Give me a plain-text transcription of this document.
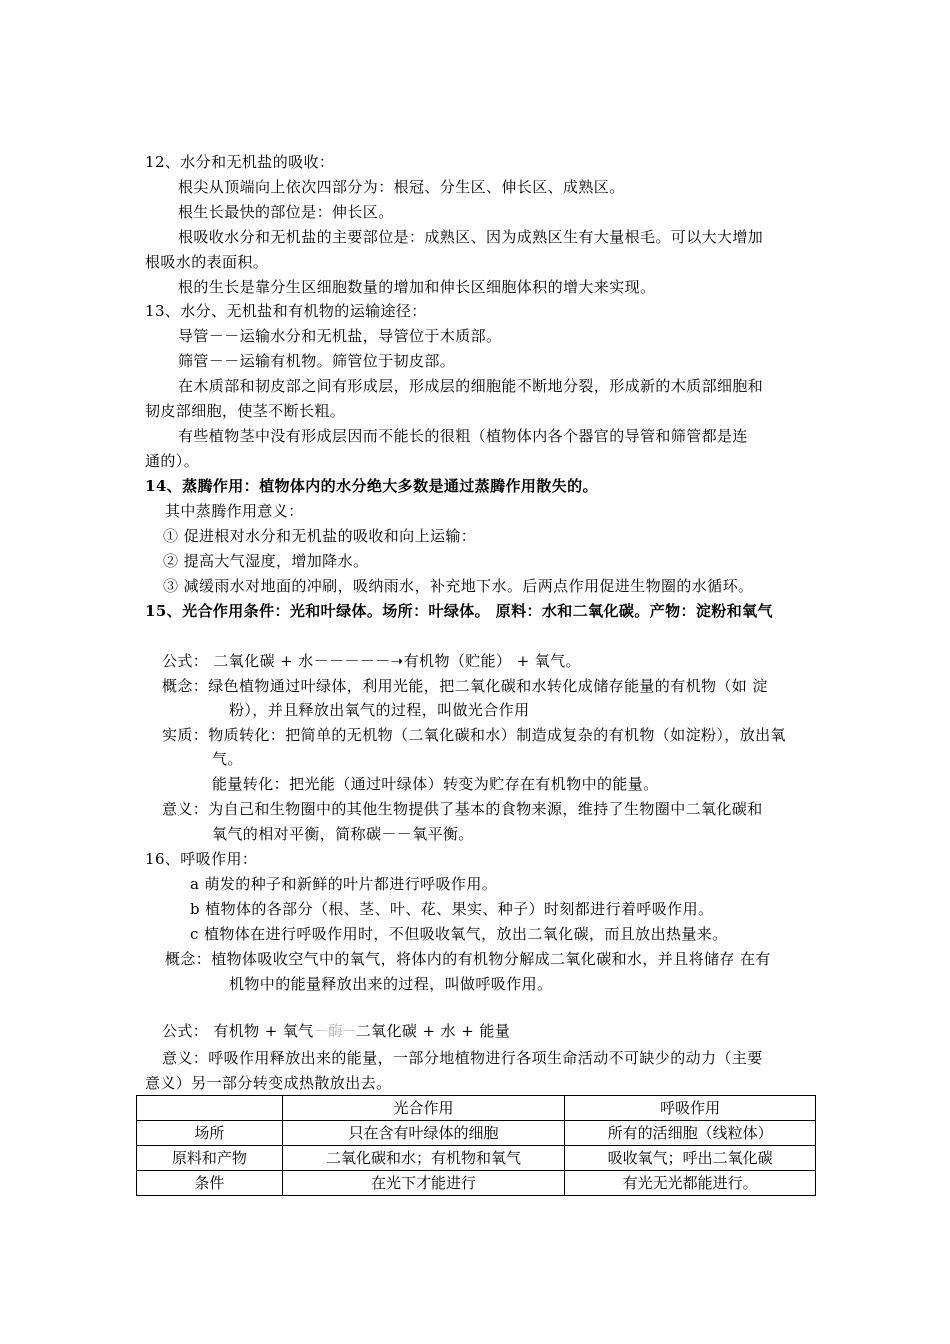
12、水分和无机盐的吸收：
根尖从顶端向上依次四部分为：根冠、分生区、伸长区、成熟区。
根生长最快的部位是：伸长区。
根吸收水分和无机盐的主要部位是：成熟区、因为成熟区生有大量根毛。可以大大增加
根吸水的表面积。
根的生长是靠分生区细胞数量的增加和伸长区细胞体积的增大来实现。
13、水分、无机盐和有机物的运输途径：
导管－－运输水分和无机盐，导管位于木质部。
筛管－－运输有机物。筛管位于韧皮部。
在木质部和韧皮部之间有形成层，形成层的细胞能不断地分裂，形成新的木质部细胞和
韧皮部细胞，使茎不断长粗。
有些植物茎中没有形成层因而不能长的很粗（植物体内各个器官的导管和筛管都是连
通的）。
14、蒸腾作用：植物体内的水分绝大多数是通过蒸腾作用散失的。
其中蒸腾作用意义：
① 促进根对水分和无机盐的吸收和向上运输：
② 提高大气湿度，增加降水。
③ 减缓雨水对地面的冲刷，吸纳雨水，补充地下水。后两点作用促进生物圈的水循环。
15、光合作用条件：光和叶绿体。场所：叶绿体。 原料：水和二氧化碳。产物：淀粉和氧气
公式： 二氧化碳 + 水－－－－－➝有机物（贮能） + 氧气。
概念：绿色植物通过叶绿体，利用光能，把二氧化碳和水转化成储存能量的有机物（如 淀
粉），并且释放出氧气的过程，叫做光合作用
实质：物质转化：把简单的无机物（二氧化碳和水）制造成复杂的有机物（如淀粉），放出氧
气。
能量转化：把光能（通过叶绿体）转变为贮存在有机物中的能量。
意义：为自己和生物圈中的其他生物提供了基本的食物来源，维持了生物圈中二氧化碳和
氧气的相对平衡，简称碳－－氧平衡。
16、呼吸作用：
a 萌发的种子和新鲜的叶片都进行呼吸作用。
b 植物体的各部分（根、茎、叶、花、果实、种子）时刻都进行着呼吸作用。
c 植物体在进行呼吸作用时，不但吸收氧气，放出二氧化碳，而且放出热量来。
概念：植物体吸收空气中的氧气，将体内的有机物分解成二氧化碳和水，并且将储存 在有
机物中的能量释放出来的过程，叫做呼吸作用。
公式： 有机物 + 氧气－酶－二氧化碳 + 水 + 能量
意义：呼吸作用释放出来的能量，一部分地植物进行各项生命活动不可缺少的动力（主要
意义）另一部分转变成热散放出去。
	光合作用	呼吸作用
场所	只在含有叶绿体的细胞	所有的活细胞（线粒体）
原料和产物	二氧化碳和水；有机物和氧气	吸收氧气；呼出二氧化碳
条件	在光下才能进行	有光无光都能进行。
